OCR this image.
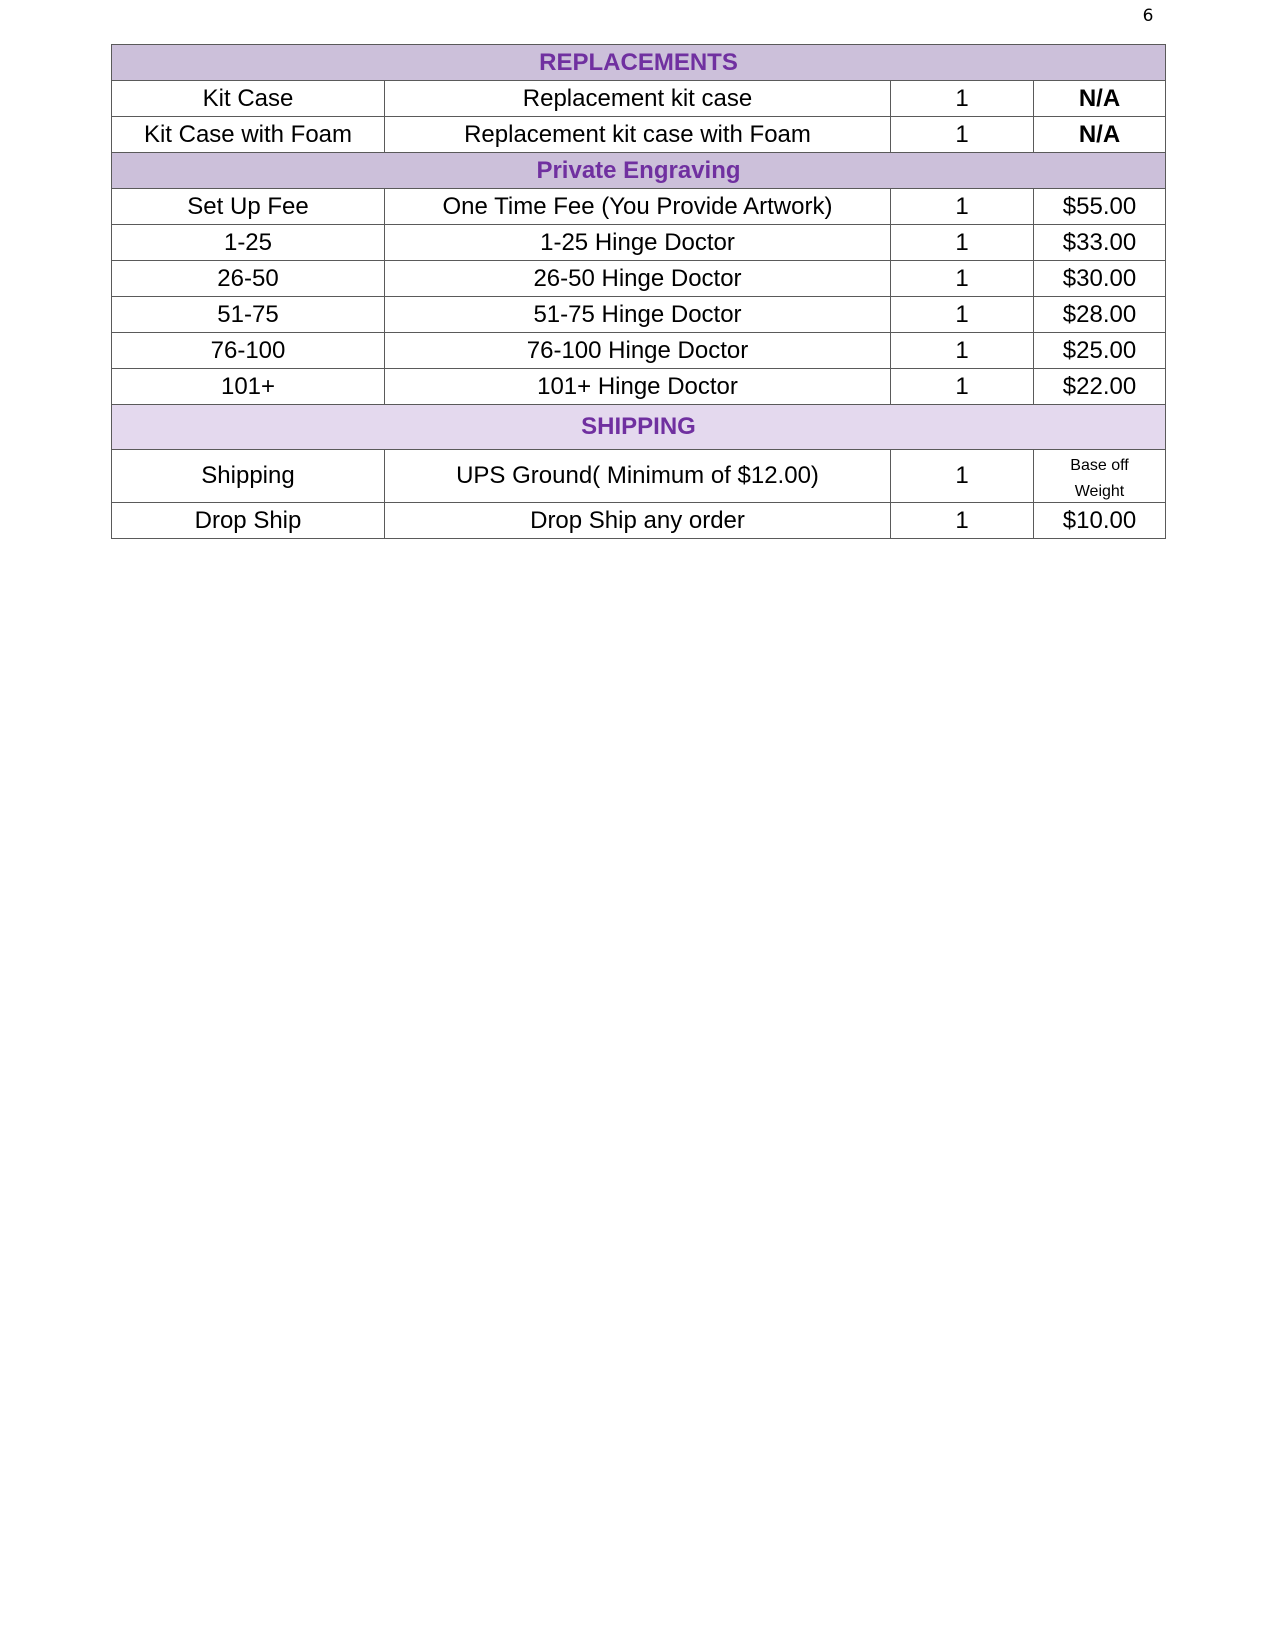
6
REPLACEMENTS			
Kit Case	Replacement kit case	1	N/A
Kit Case with Foam	Replacement kit case with Foam	1	N/A
Private Engraving			
Set Up Fee	One Time Fee (You Provide Artwork)	1	$55.00
1-25	1-25 Hinge Doctor	1	$33.00
26-50	26-50 Hinge Doctor	1	$30.00
51-75	51-75 Hinge Doctor	1	$28.00
76-100	76-100 Hinge Doctor	1	$25.00
101+	101+ Hinge Doctor	1	$22.00
SHIPPING			
Shipping	UPS Ground( Minimum of $12.00)	1	Base off
Weight
Drop Ship	Drop Ship any order	1	$10.00
